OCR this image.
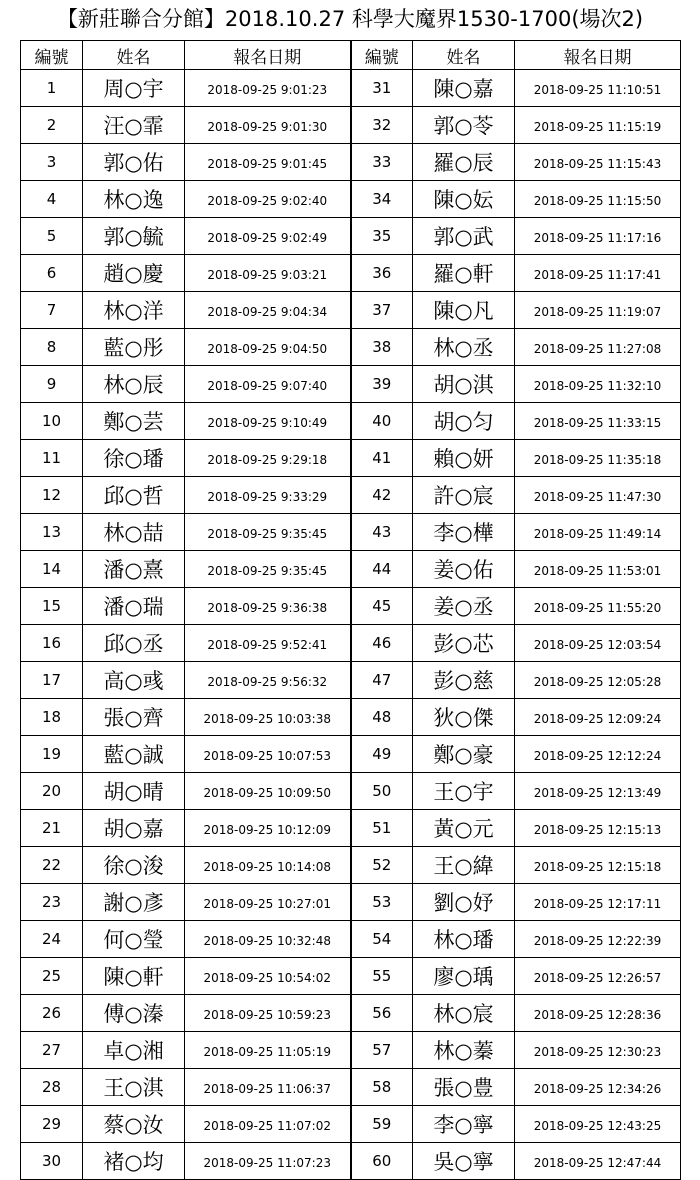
【新莊聯合分館】2018.10.27 科學大魔界1530-1700(場次2)
編號	姓名	報名日期	編號	姓名	報名日期
1	周○宇	2018-09-25 9:01:23	31	陳○嘉	2018-09-25 11:10:51
2	汪○霏	2018-09-25 9:01:30	32	郭○苓	2018-09-25 11:15:19
3	郭○佑	2018-09-25 9:01:45	33	羅○辰	2018-09-25 11:15:43
4	林○逸	2018-09-25 9:02:40	34	陳○妘	2018-09-25 11:15:50
5	郭○毓	2018-09-25 9:02:49	35	郭○武	2018-09-25 11:17:16
6	趙○慶	2018-09-25 9:03:21	36	羅○軒	2018-09-25 11:17:41
7	林○洋	2018-09-25 9:04:34	37	陳○凡	2018-09-25 11:19:07
8	藍○彤	2018-09-25 9:04:50	38	林○丞	2018-09-25 11:27:08
9	林○辰	2018-09-25 9:07:40	39	胡○淇	2018-09-25 11:32:10
10	鄭○芸	2018-09-25 9:10:49	40	胡○匀	2018-09-25 11:33:15
11	徐○璠	2018-09-25 9:29:18	41	賴○妍	2018-09-25 11:35:18
12	邱○哲	2018-09-25 9:33:29	42	許○宸	2018-09-25 11:47:30
13	林○喆	2018-09-25 9:35:45	43	李○樺	2018-09-25 11:49:14
14	潘○熹	2018-09-25 9:35:45	44	姜○佑	2018-09-25 11:53:01
15	潘○瑞	2018-09-25 9:36:38	45	姜○丞	2018-09-25 11:55:20
16	邱○丞	2018-09-25 9:52:41	46	彭○芯	2018-09-25 12:03:54
17	高○彧	2018-09-25 9:56:32	47	彭○慈	2018-09-25 12:05:28
18	張○齊	2018-09-25 10:03:38	48	狄○傑	2018-09-25 12:09:24
19	藍○誠	2018-09-25 10:07:53	49	鄭○豪	2018-09-25 12:12:24
20	胡○晴	2018-09-25 10:09:50	50	王○宇	2018-09-25 12:13:49
21	胡○嘉	2018-09-25 10:12:09	51	黃○元	2018-09-25 12:15:13
22	徐○浚	2018-09-25 10:14:08	52	王○緯	2018-09-25 12:15:18
23	謝○彥	2018-09-25 10:27:01	53	劉○妤	2018-09-25 12:17:11
24	何○瑩	2018-09-25 10:32:48	54	林○璠	2018-09-25 12:22:39
25	陳○軒	2018-09-25 10:54:02	55	廖○瑀	2018-09-25 12:26:57
26	傅○溱	2018-09-25 10:59:23	56	林○宸	2018-09-25 12:28:36
27	卓○湘	2018-09-25 11:05:19	57	林○蓁	2018-09-25 12:30:23
28	王○淇	2018-09-25 11:06:37	58	張○豊	2018-09-25 12:34:26
29	蔡○汝	2018-09-25 11:07:02	59	李○寧	2018-09-25 12:43:25
30	褚○均	2018-09-25 11:07:23	60	吳○寧	2018-09-25 12:47:44
